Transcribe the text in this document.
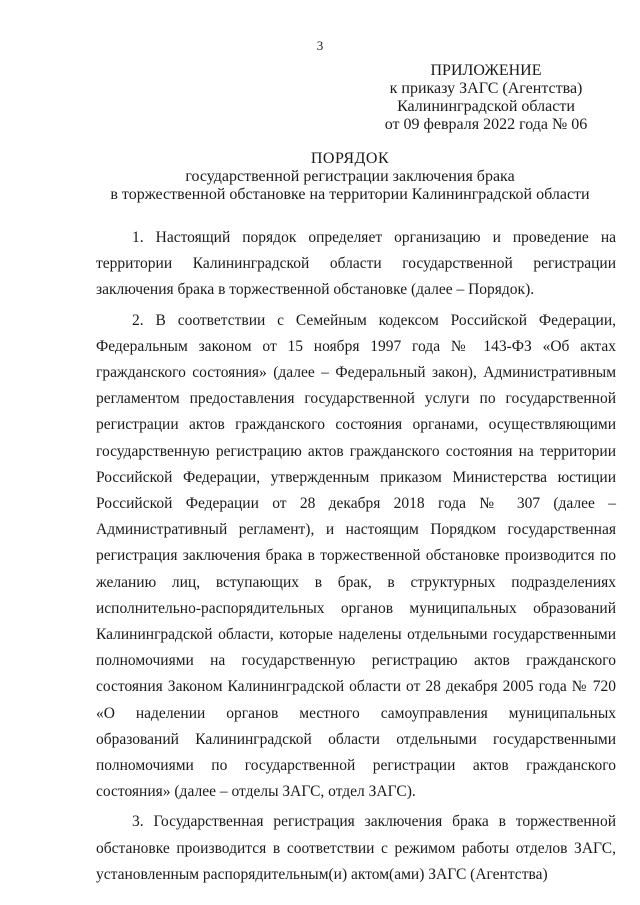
3
ПРИЛОЖЕНИЕ
к приказу ЗАГС (Агентства)
Калининградской области
от 09 февраля 2022 года № 06
ПОРЯДОК
государственной регистрации заключения брака
в торжественной обстановке на территории Калининградской области

1. Настоящий порядок определяет организацию и проведение на территории Калининградской области государственной регистрации заключения брака в торжественной обстановке (далее – Порядок).

2. В соответствии с Семейным кодексом Российской Федерации, Федеральным законом от 15 ноября 1997 года № 143-ФЗ «Об актах гражданского состояния» (далее – Федеральный закон), Административным регламентом предоставления государственной услуги по государственной регистрации актов гражданского состояния органами, осуществляющими государственную регистрацию актов гражданского состояния на территории Российской Федерации, утвержденным приказом Министерства юстиции Российской Федерации от 28 декабря 2018 года № 307 (далее – Административный регламент), и настоящим Порядком государственная регистрация заключения брака в торжественной обстановке производится по желанию лиц, вступающих в брак, в структурных подразделениях исполнительно-распорядительных органов муниципальных образований Калининградской области, которые наделены отдельными государственными полномочиями на государственную регистрацию актов гражданского состояния Законом Калининградской области от 28 декабря 2005 года № 720 «О наделении органов местного самоуправления муниципальных образований Калининградской области отдельными государственными полномочиями по государственной регистрации актов гражданского состояния» (далее – отделы ЗАГС, отдел ЗАГС).

3. Государственная регистрация заключения брака в торжественной обстановке производится в соответствии с режимом работы отделов ЗАГС, установленным распорядительным(и) актом(ами) ЗАГС (Агентства)
